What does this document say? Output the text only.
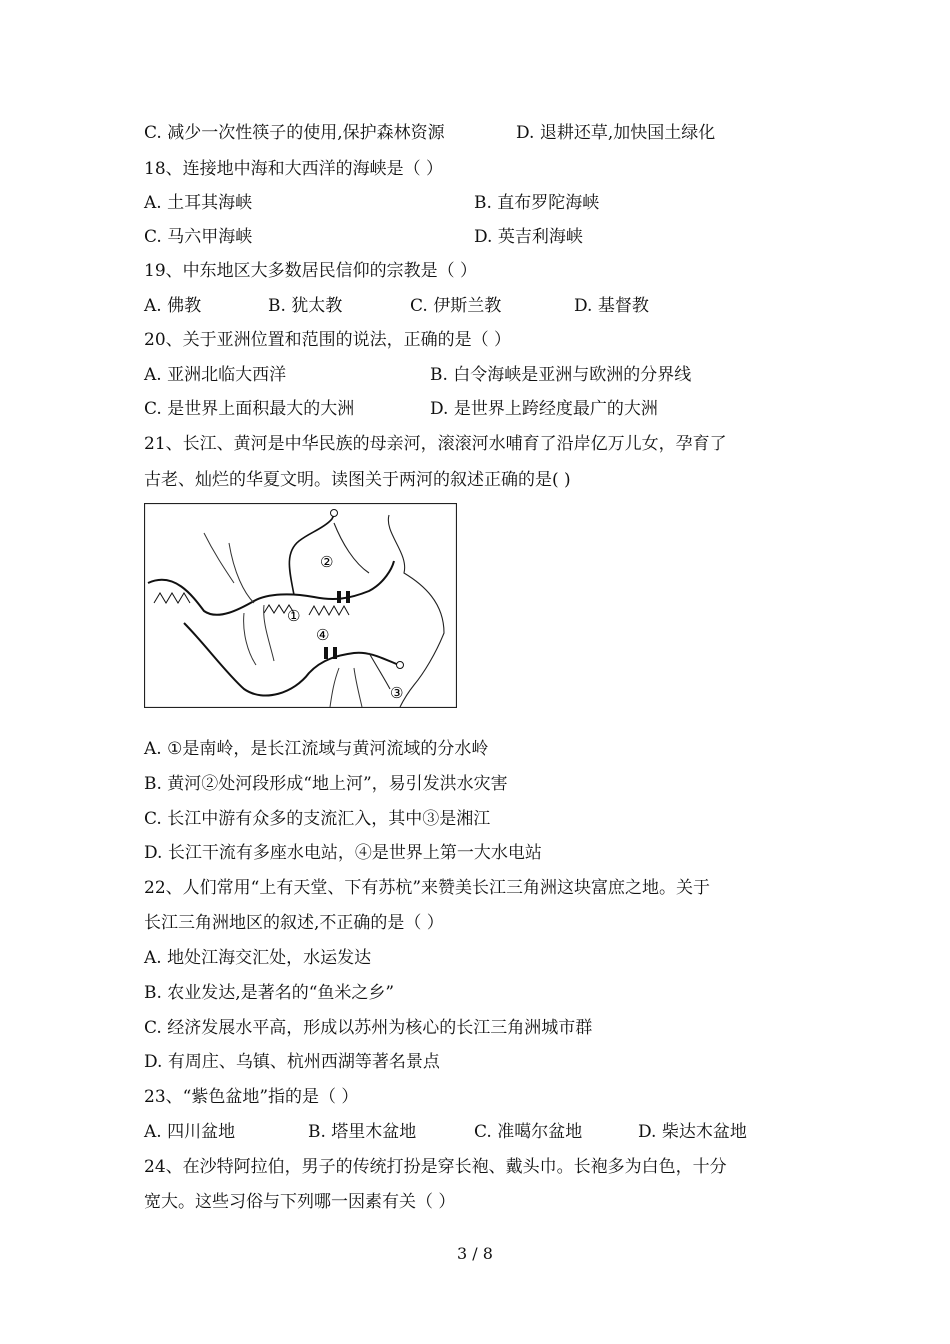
C. 减少一次性筷子的使用,保护森林资源	D. 退耕还草,加快国土绿化
18、连接地中海和大西洋的海峡是（ ）
A. 土耳其海峡	B. 直布罗陀海峡
C. 马六甲海峡	D. 英吉利海峡
19、中东地区大多数居民信仰的宗教是（ ）
A. 佛教	B. 犹太教	C. 伊斯兰教	D. 基督教
20、关于亚洲位置和范围的说法，正确的是（ ）
A. 亚洲北临大西洋	B. 白令海峡是亚洲与欧洲的分界线
C. 是世界上面积最大的大洲	D. 是世界上跨经度最广的大洲
21、长江、黄河是中华民族的母亲河，滚滚河水哺育了沿岸亿万儿女，孕育了
古老、灿烂的华夏文明。读图关于两河的叙述正确的是( )
②
①
④
③
A. ①是南岭，是长江流域与黄河流域的分水岭
B. 黄河②处河段形成“地上河”，易引发洪水灾害
C. 长江中游有众多的支流汇入，其中③是湘江
D. 长江干流有多座水电站，④是世界上第一大水电站
22、人们常用“上有天堂、下有苏杭”来赞美长江三角洲这块富庶之地。关于
长江三角洲地区的叙述,不正确的是（ ）
A. 地处江海交汇处，水运发达
B. 农业发达,是著名的“鱼米之乡”
C. 经济发展水平高，形成以苏州为核心的长江三角洲城市群
D. 有周庄、乌镇、杭州西湖等著名景点
23、“紫色盆地”指的是（ ）
A. 四川盆地	B. 塔里木盆地	C. 准噶尔盆地	D. 柴达木盆地
24、在沙特阿拉伯，男子的传统打扮是穿长袍、戴头巾。长袍多为白色，十分
宽大。这些习俗与下列哪一因素有关（ ）
3 / 8
